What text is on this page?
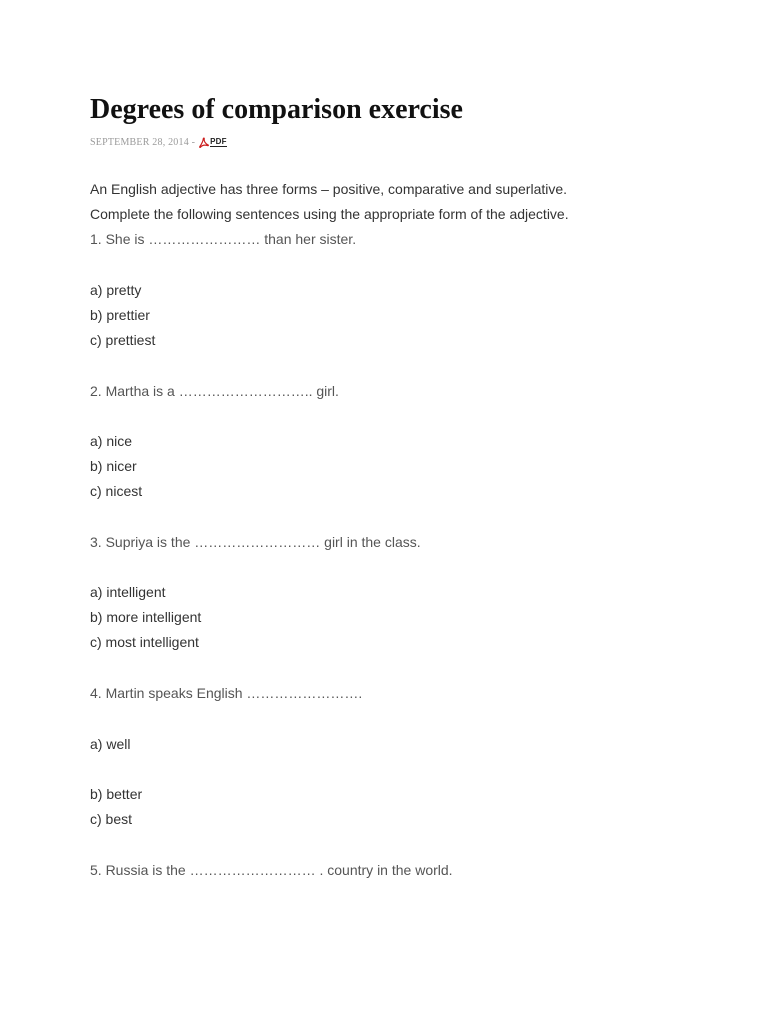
Degrees of comparison exercise
SEPTEMBER 28, 2014 - PDF

An English adjective has three forms – positive, comparative and superlative.

Complete the following sentences using the appropriate form of the adjective.

1. She is …………………… than her sister.

a) pretty

b) prettier

c) prettiest

2. Martha is a ……………………….. girl.

a) nice

b) nicer

c) nicest

3. Supriya is the ……………………… girl in the class.

a) intelligent

b) more intelligent

c) most intelligent

4. Martin speaks English …………………….

a) well

b) better

c) best

5. Russia is the ……………………… . country in the world.
